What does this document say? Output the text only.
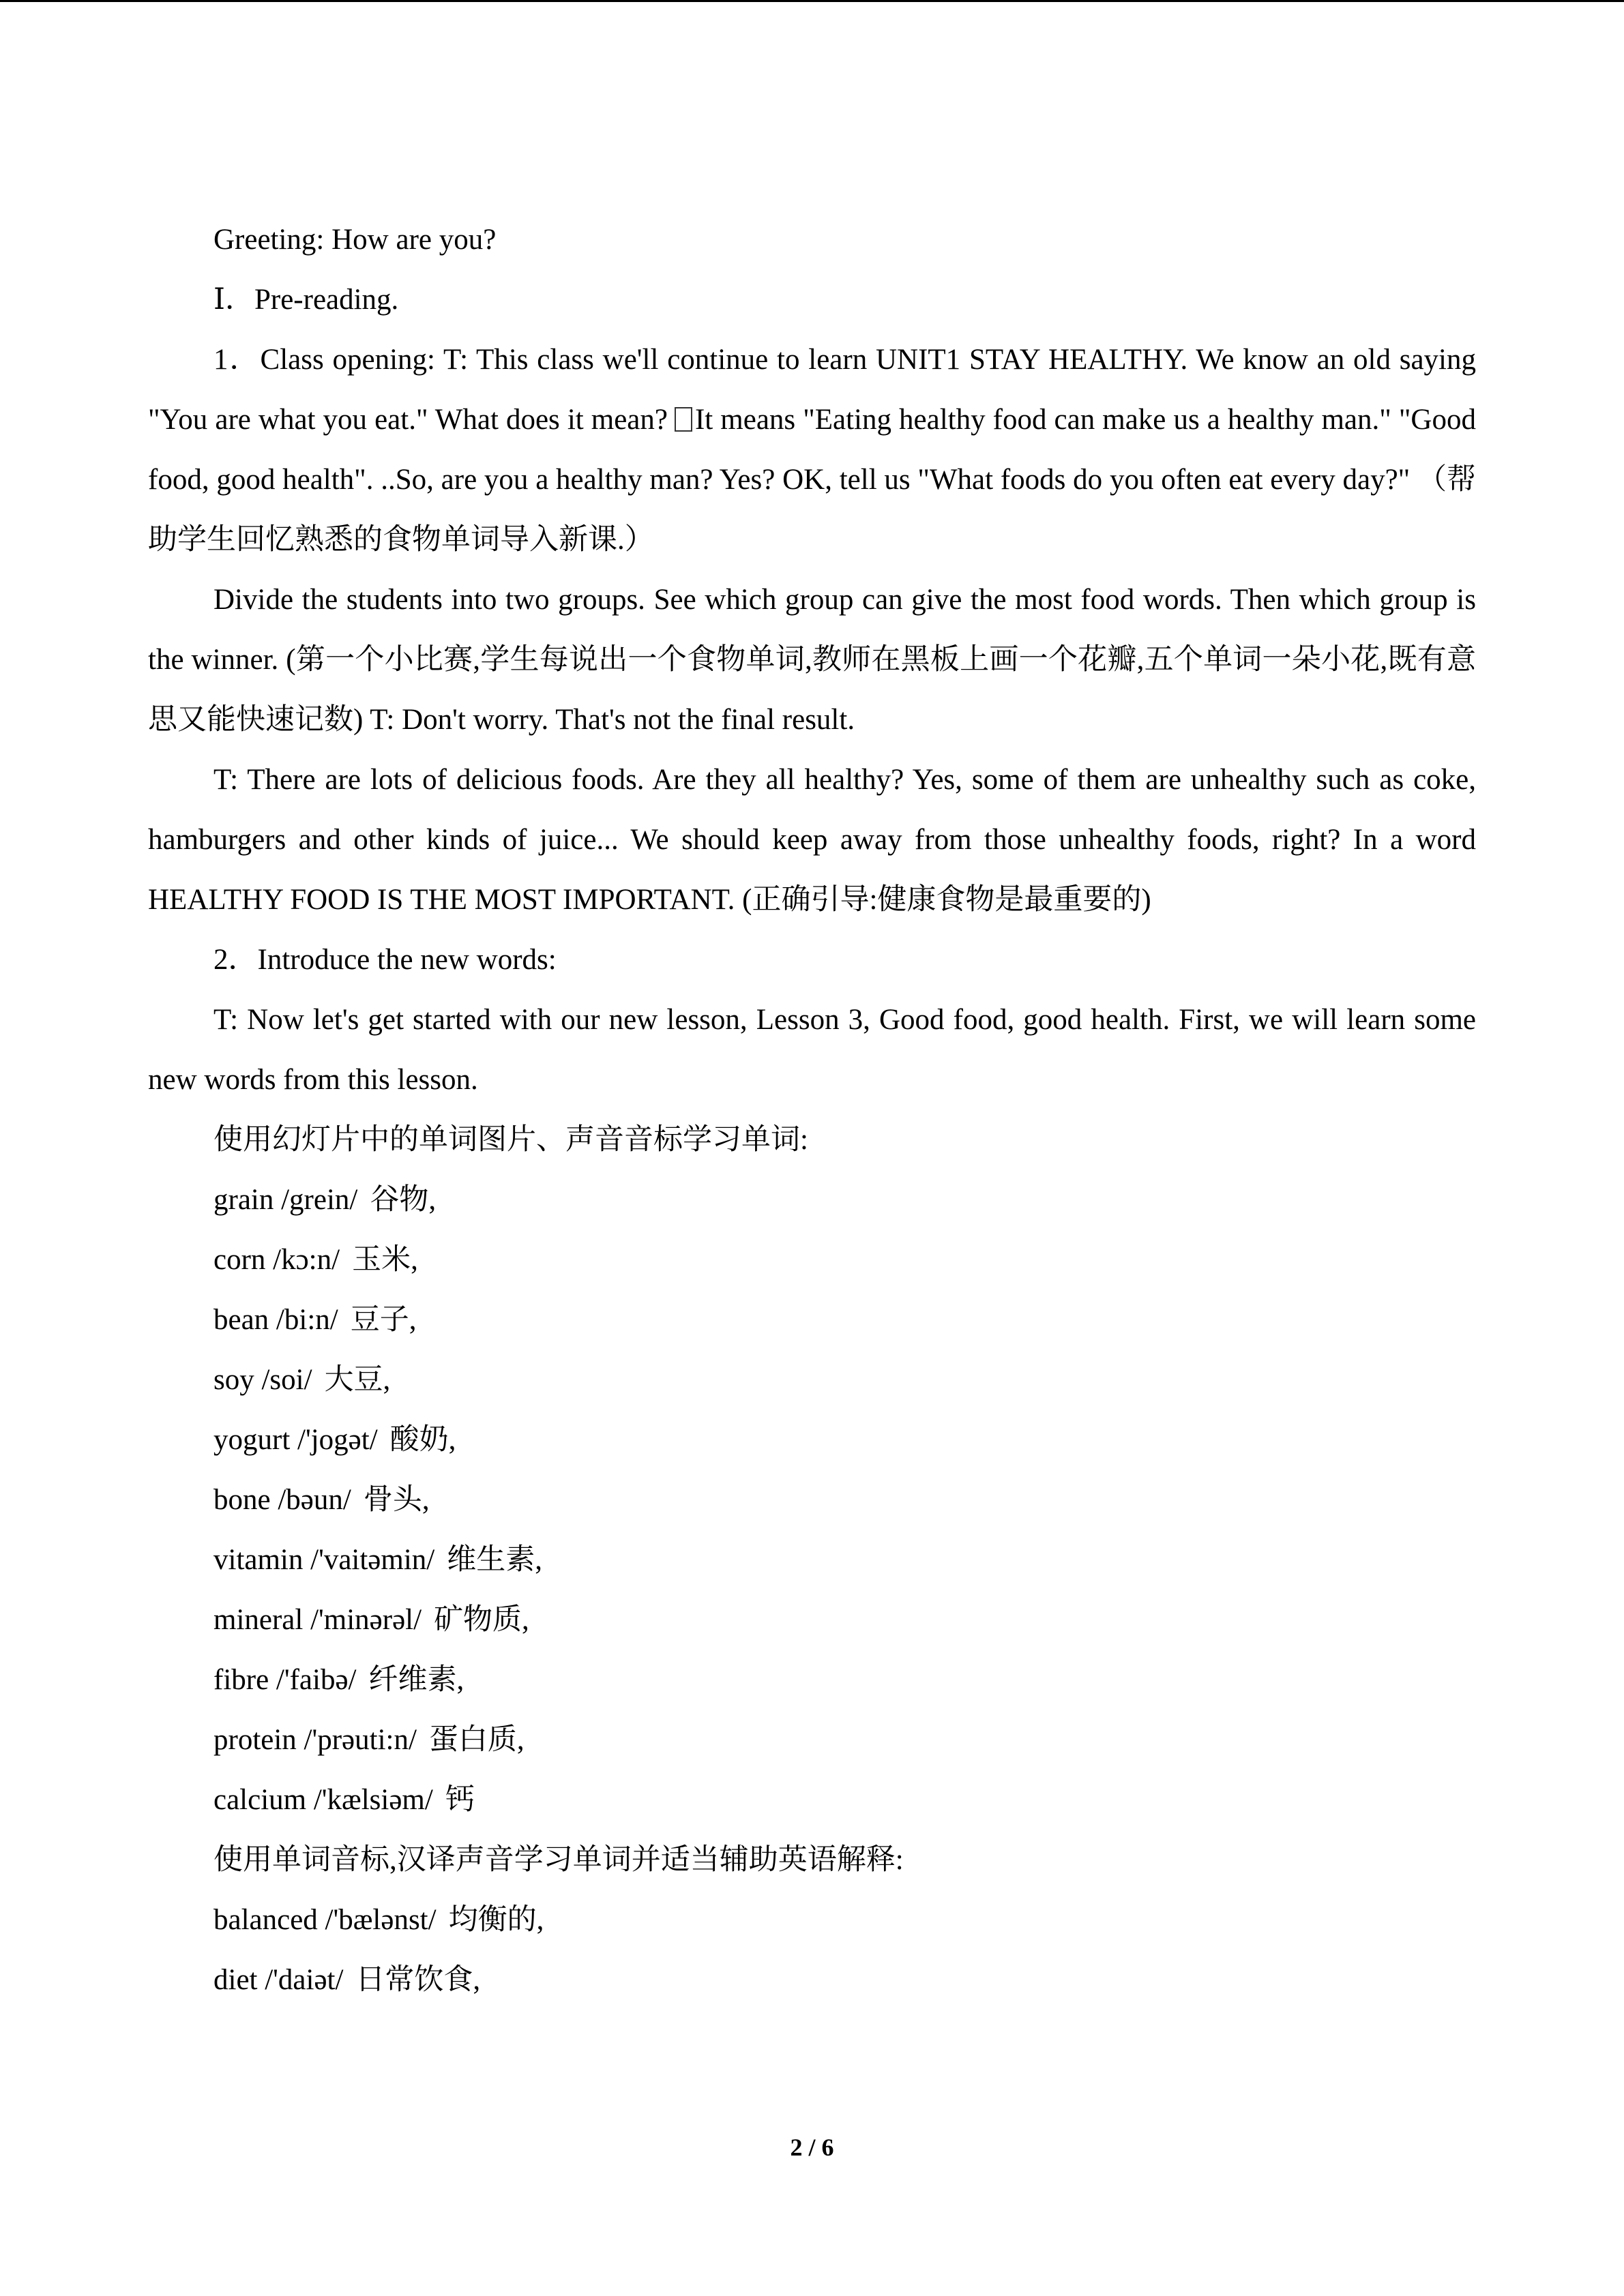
Greeting: How are you?

Ⅰ．Pre-reading.

1．Class opening: T: This class we'll continue to learn UNIT1 STAY HEALTHY. We know an old saying "You are what you eat." What does it mean? It means "Eating healthy food can make us a healthy man." "Good food, good health". ..So, are you a healthy man? Yes? OK, tell us "What foods do you often eat every day?" （帮助学生回忆熟悉的食物单词导入新课.）

Divide the students into two groups. See which group can give the most food words. Then which group is the winner. (第一个小比赛,学生每说出一个食物单词,教师在黑板上画一个花瓣,五个单词一朵小花,既有意思又能快速记数) T: Don't worry. That's not the final result.

T: There are lots of delicious foods. Are they all healthy? Yes, some of them are unhealthy such as coke, hamburgers and other kinds of juice... We should keep away from those unhealthy foods, right? In a word HEALTHY FOOD IS THE MOST IMPORTANT. (正确引导:健康食物是最重要的)

2．Introduce the new words:

T: Now let's get started with our new lesson, Lesson 3, Good food, good health. First, we will learn some new words from this lesson.

使用幻灯片中的单词图片、声音音标学习单词:

grain /grein/ 谷物,

corn /kɔ:n/ 玉米,

bean /bi:n/ 豆子,

soy /soi/ 大豆,

yogurt /'jogət/ 酸奶,

bone /bəun/ 骨头,

vitamin /'vaitəmin/ 维生素,

mineral /'minərəl/ 矿物质,

fibre /'faibə/ 纤维素,

protein /'prəuti:n/ 蛋白质,

calcium /'kælsiəm/ 钙

使用单词音标,汉译声音学习单词并适当辅助英语解释:

balanced /'bælənst/ 均衡的,

diet /'daiət/ 日常饮食,

2 / 6
